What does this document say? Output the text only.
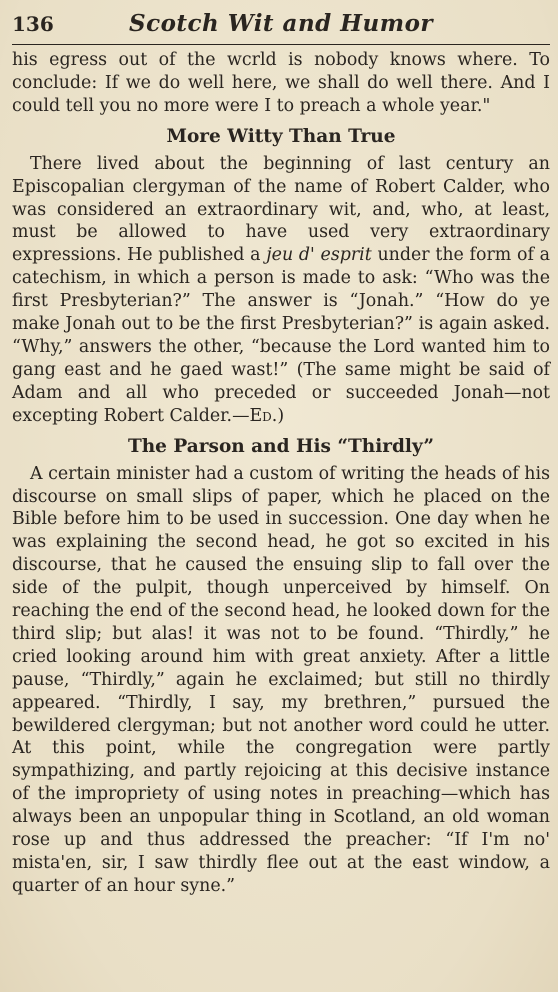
136	Scotch Wit and Humor

his egress out of the wcrld is nobody knows where. To conclude: If we do well here, we shall do well there. And I could tell you no more were I to preach a whole year."

More Witty Than True

There lived about the beginning of last century an Episcopalian clergyman of the name of Robert Calder, who was considered an extraordinary wit, and, who, at least, must be allowed to have used very extraordinary expressions. He published a jeu d' esprit under the form of a catechism, in which a person is made to ask: “Who was the first Presbyterian?” The answer is “Jonah.” “How do ye make Jonah out to be the first Presbyterian?” is again asked. “Why,” answers the other, “because the Lord wanted him to gang east and he gaed wast!” (The same might be said of Adam and all who preceded or succeeded Jonah—not excepting Robert Calder.—Ed.)

The Parson and His “Thirdly”

A certain minister had a custom of writing the heads of his discourse on small slips of paper, which he placed on the Bible before him to be used in succession. One day when he was explaining the second head, he got so excited in his discourse, that he caused the ensuing slip to fall over the side of the pulpit, though unperceived by himself. On reaching the end of the second head, he looked down for the third slip; but alas! it was not to be found. “Thirdly,” he cried looking around him with great anxiety. After a little pause, “Thirdly,” again he exclaimed; but still no thirdly appeared. “Thirdly, I say, my brethren,” pursued the bewildered clergyman; but not another word could he utter. At this point, while the congregation were partly sympathizing, and partly rejoicing at this decisive instance of the impropriety of using notes in preaching—which has always been an unpopular thing in Scotland, an old woman rose up and thus addressed the preacher: “If I'm no' mista'en, sir, I saw thirdly flee out at the east window, a quarter of an hour syne.”
